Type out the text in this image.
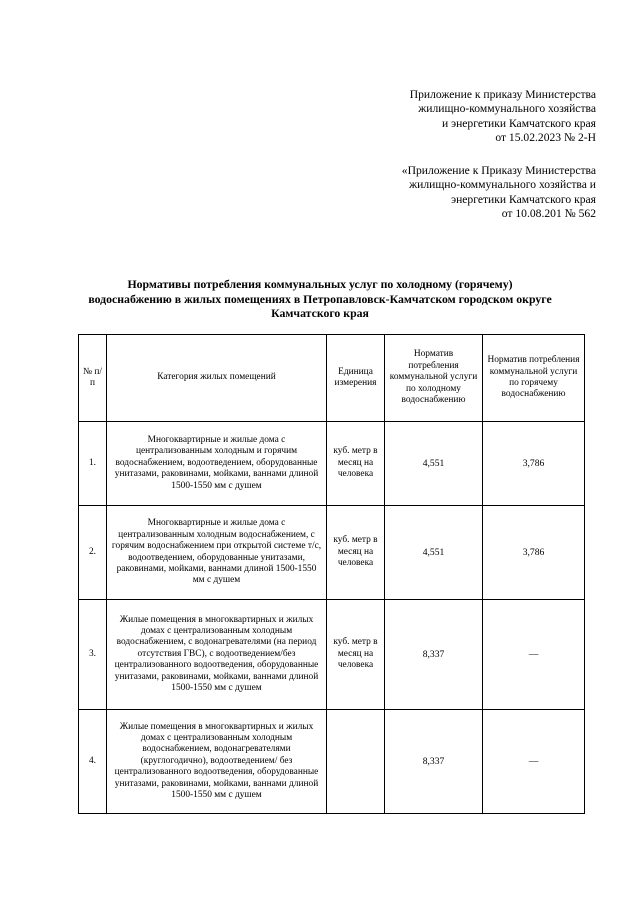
Приложение к приказу Министерства
жилищно-коммунального хозяйства
и энергетики Камчатского края
от 15.02.2023 № 2-Н
«Приложение к Приказу Министерства
жилищно-коммунального хозяйства и
энергетики Камчатского края
от 10.08.201 № 562
Нормативы потребления коммунальных услуг по холодному (горячему)
водоснабжению в жилых помещениях в Петропавловск-Камчатском городском округе
Камчатского края
№ п/п	Категория жилых помещений	Единица измерения	Норматив потребления коммунальной услуги по холодному водоснабжению	Норматив потребления коммунальной услуги по горячему водоснабжению
1.	Многоквартирные и жилые дома с централизованным холодным и горячим водоснабжением, водоотведением, оборудованные унитазами, раковинами, мойками, ваннами длиной 1500-1550 мм с душем	куб. метр в месяц на человека	4,551	3,786
2.	Многоквартирные и жилые дома с централизованным холодным водоснабжением, с горячим водоснабжением при открытой системе т/с, водоотведением, оборудованные унитазами, раковинами, мойками, ваннами длиной 1500-1550 мм с душем	куб. метр в месяц на человека	4,551	3,786
3.	Жилые помещения в многоквартирных и жилых домах с централизованным холодным водоснабжением, с водонагревателями (на период отсутствия ГВС), с водоотведением/без централизованного водоотведения, оборудованные унитазами, раковинами, мойками, ваннами длиной 1500-1550 мм с душем	куб. метр в месяц на человека	8,337	—
4.	Жилые помещения в многоквартирных и жилых домах с централизованным холодным водоснабжением, водонагревателями (круглогодично), водоотведением/ без централизованного водоотведения, оборудованные унитазами, раковинами, мойками, ваннами длиной 1500-1550 мм с душем		8,337	—
